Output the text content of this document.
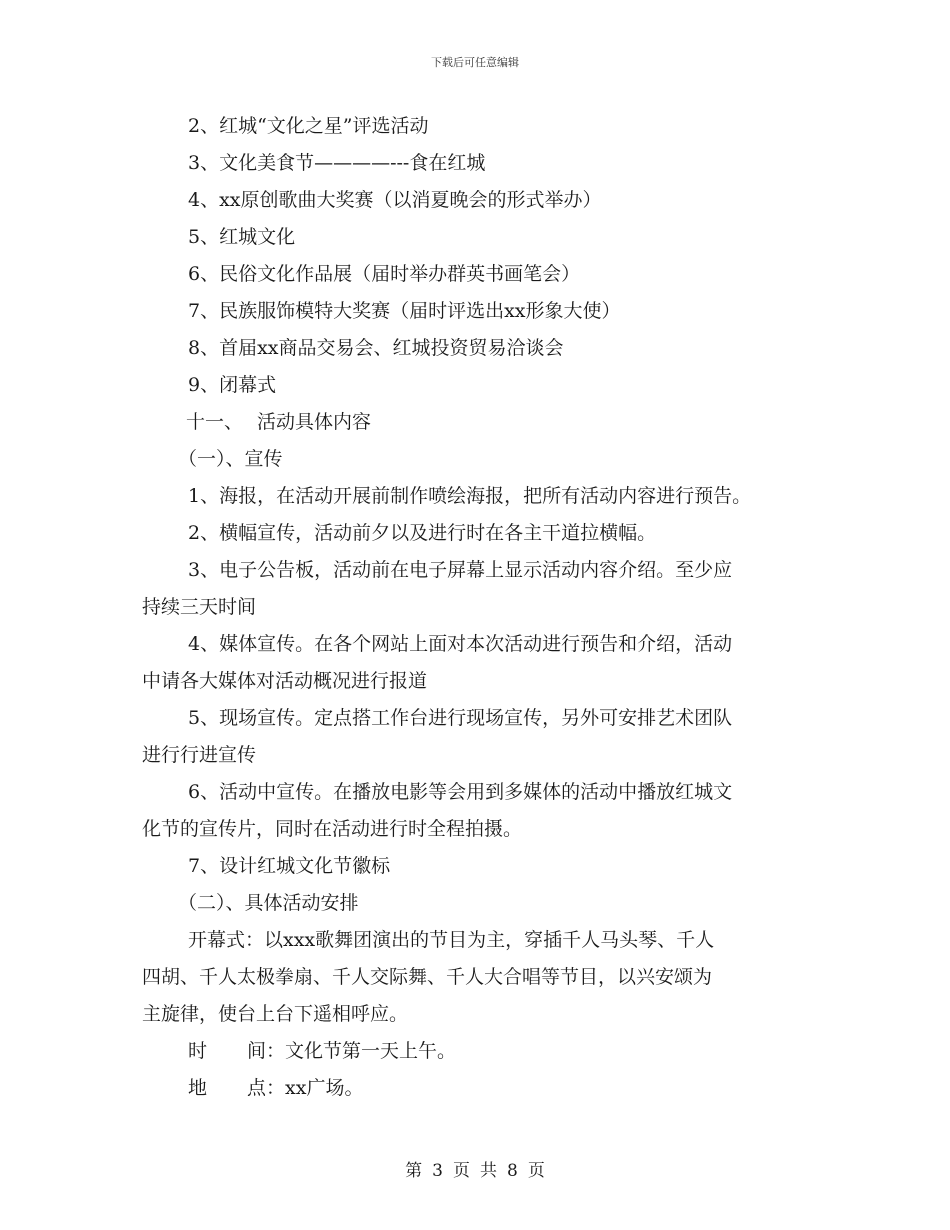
下载后可任意编辑
2、红城“文化之星”评选活动
3、文化美食节————---食在红城
4、xx原创歌曲大奖赛（以消夏晚会的形式举办）
5、红城文化
6、民俗文化作品展（届时举办群英书画笔会）
7、民族服饰模特大奖赛（届时评选出xx形象大使）
8、首届xx商品交易会、红城投资贸易洽谈会
9、闭幕式
十一、 活动具体内容
（一）、宣传
1、海报，在活动开展前制作喷绘海报，把所有活动内容进行预告。
2、横幅宣传，活动前夕以及进行时在各主干道拉横幅。
3、电子公告板，活动前在电子屏幕上显示活动内容介绍。至少应
持续三天时间
4、媒体宣传。在各个网站上面对本次活动进行预告和介绍，活动
中请各大媒体对活动概况进行报道
5、现场宣传。定点搭工作台进行现场宣传，另外可安排艺术团队
进行行进宣传
6、活动中宣传。在播放电影等会用到多媒体的活动中播放红城文
化节的宣传片，同时在活动进行时全程拍摄。
7、设计红城文化节徽标
（二）、具体活动安排
开幕式：以xxx歌舞团演出的节目为主，穿插千人马头琴、千人
四胡、千人太极拳扇、千人交际舞、千人大合唱等节目，以兴安颂为
主旋律，使台上台下遥相呼应。
时 间：文化节第一天上午。
地 点：xx广场。
第 3 页 共 8 页
